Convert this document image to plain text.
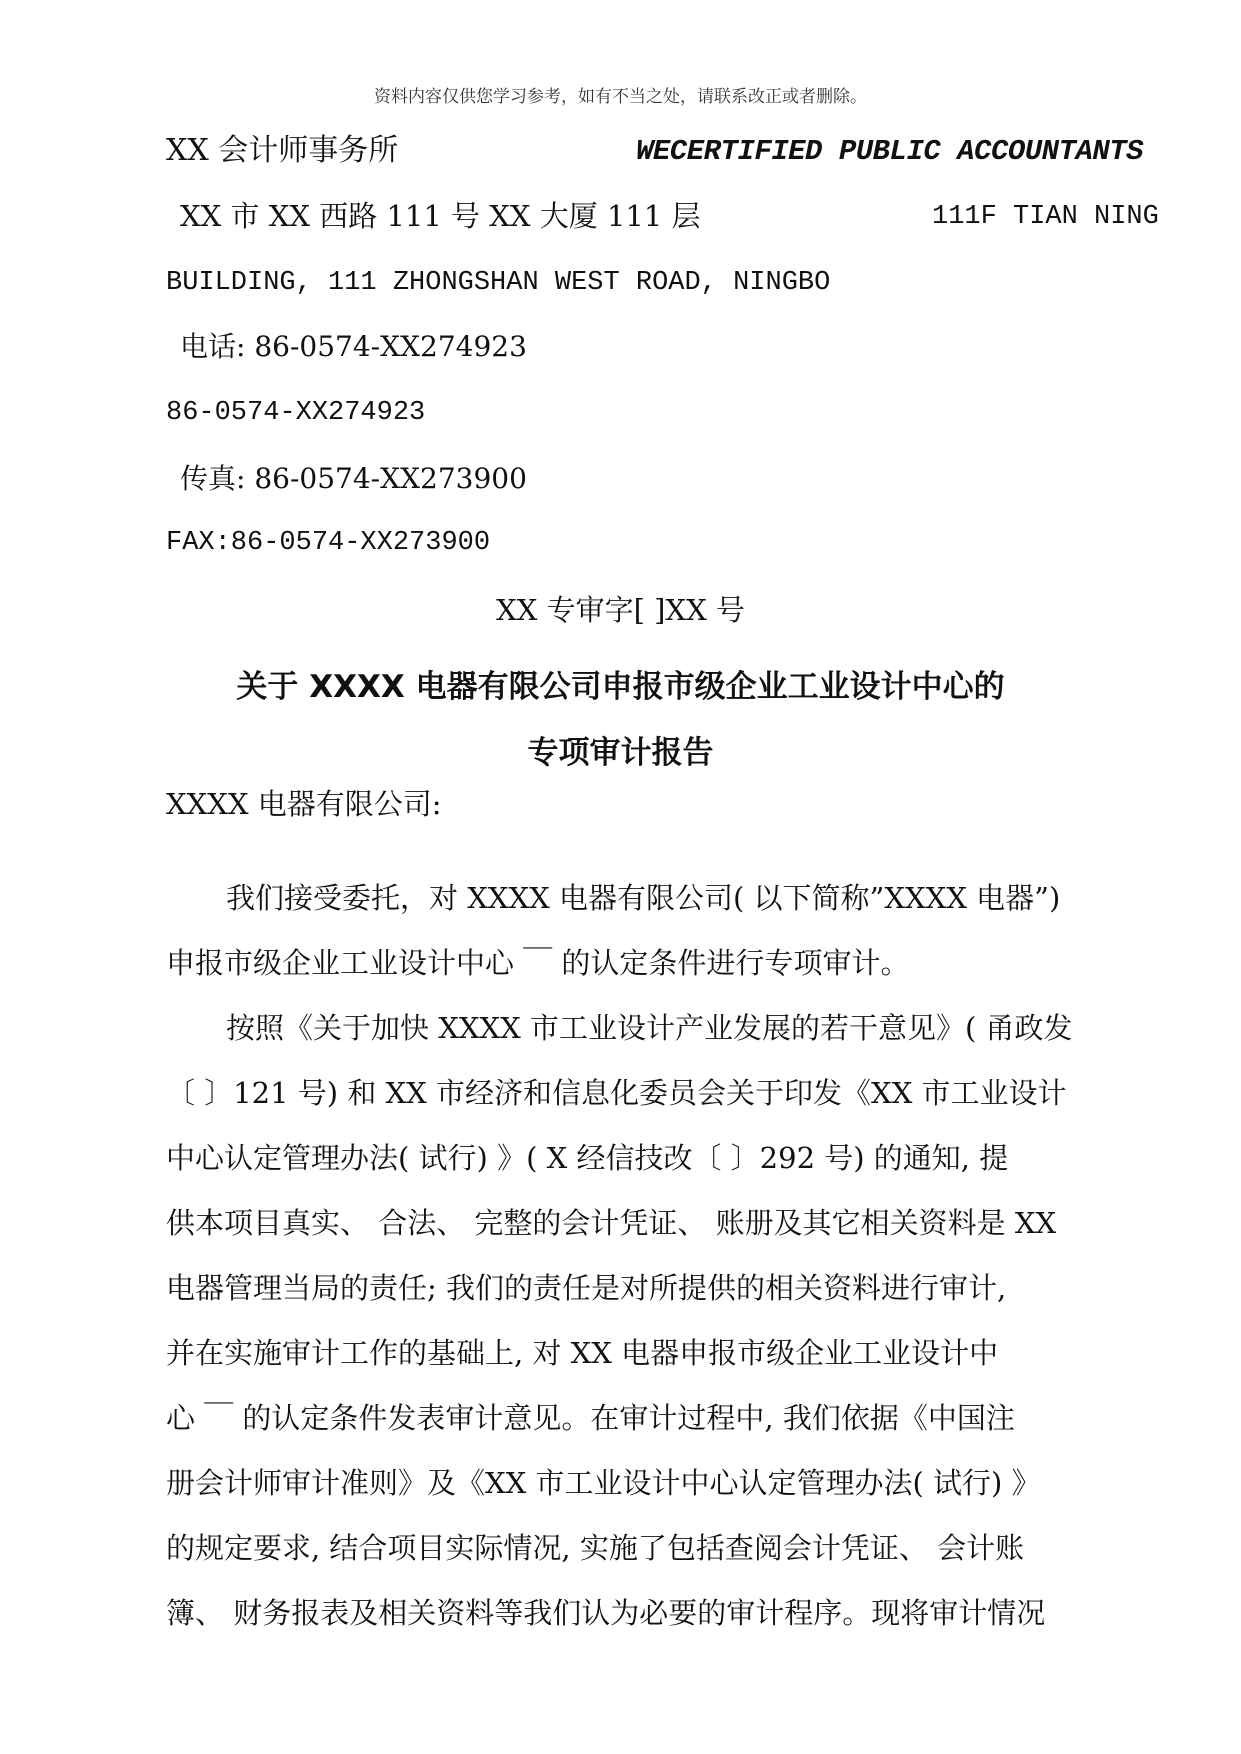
资料内容仅供您学习参考，如有不当之处，请联系改正或者删除。
XX 会计师事务所	WECERTIFIED PUBLIC ACCOUNTANTS
XX 市 XX 西路 111 号 XX 大厦 111 层	111F TIAN NING
BUILDING, 111 ZHONGSHAN WEST ROAD, NINGBO
电话: 86-0574-XX274923
86-0574-XX274923
传真: 86-0574-XX273900
FAX:86-0574-XX273900
XX 专审字[ ]XX 号
关于 XXXX 电器有限公司申报市级企业工业设计中心的
专项审计报告
XXXX 电器有限公司:
我们接受委托，对 XXXX 电器有限公司( 以下简称”XXXX 电器”)
申报市级企业工业设计中心 ￣ 的认定条件进行专项审计。
按照《关于加快 XXXX 市工业设计产业发展的若干意见》( 甬政发
〔 〕121 号) 和 XX 市经济和信息化委员会关于印发《XX 市工业设计
中心认定管理办法( 试行) 》( X 经信技改〔 〕292 号) 的通知, 提
供本项目真实、 合法、 完整的会计凭证、 账册及其它相关资料是 XX
电器管理当局的责任; 我们的责任是对所提供的相关资料进行审计,
并在实施审计工作的基础上, 对 XX 电器申报市级企业工业设计中
心 ￣ 的认定条件发表审计意见。在审计过程中, 我们依据《中国注
册会计师审计准则》及《XX 市工业设计中心认定管理办法( 试行) 》
的规定要求, 结合项目实际情况, 实施了包括查阅会计凭证、 会计账
簿、 财务报表及相关资料等我们认为必要的审计程序。现将审计情况
